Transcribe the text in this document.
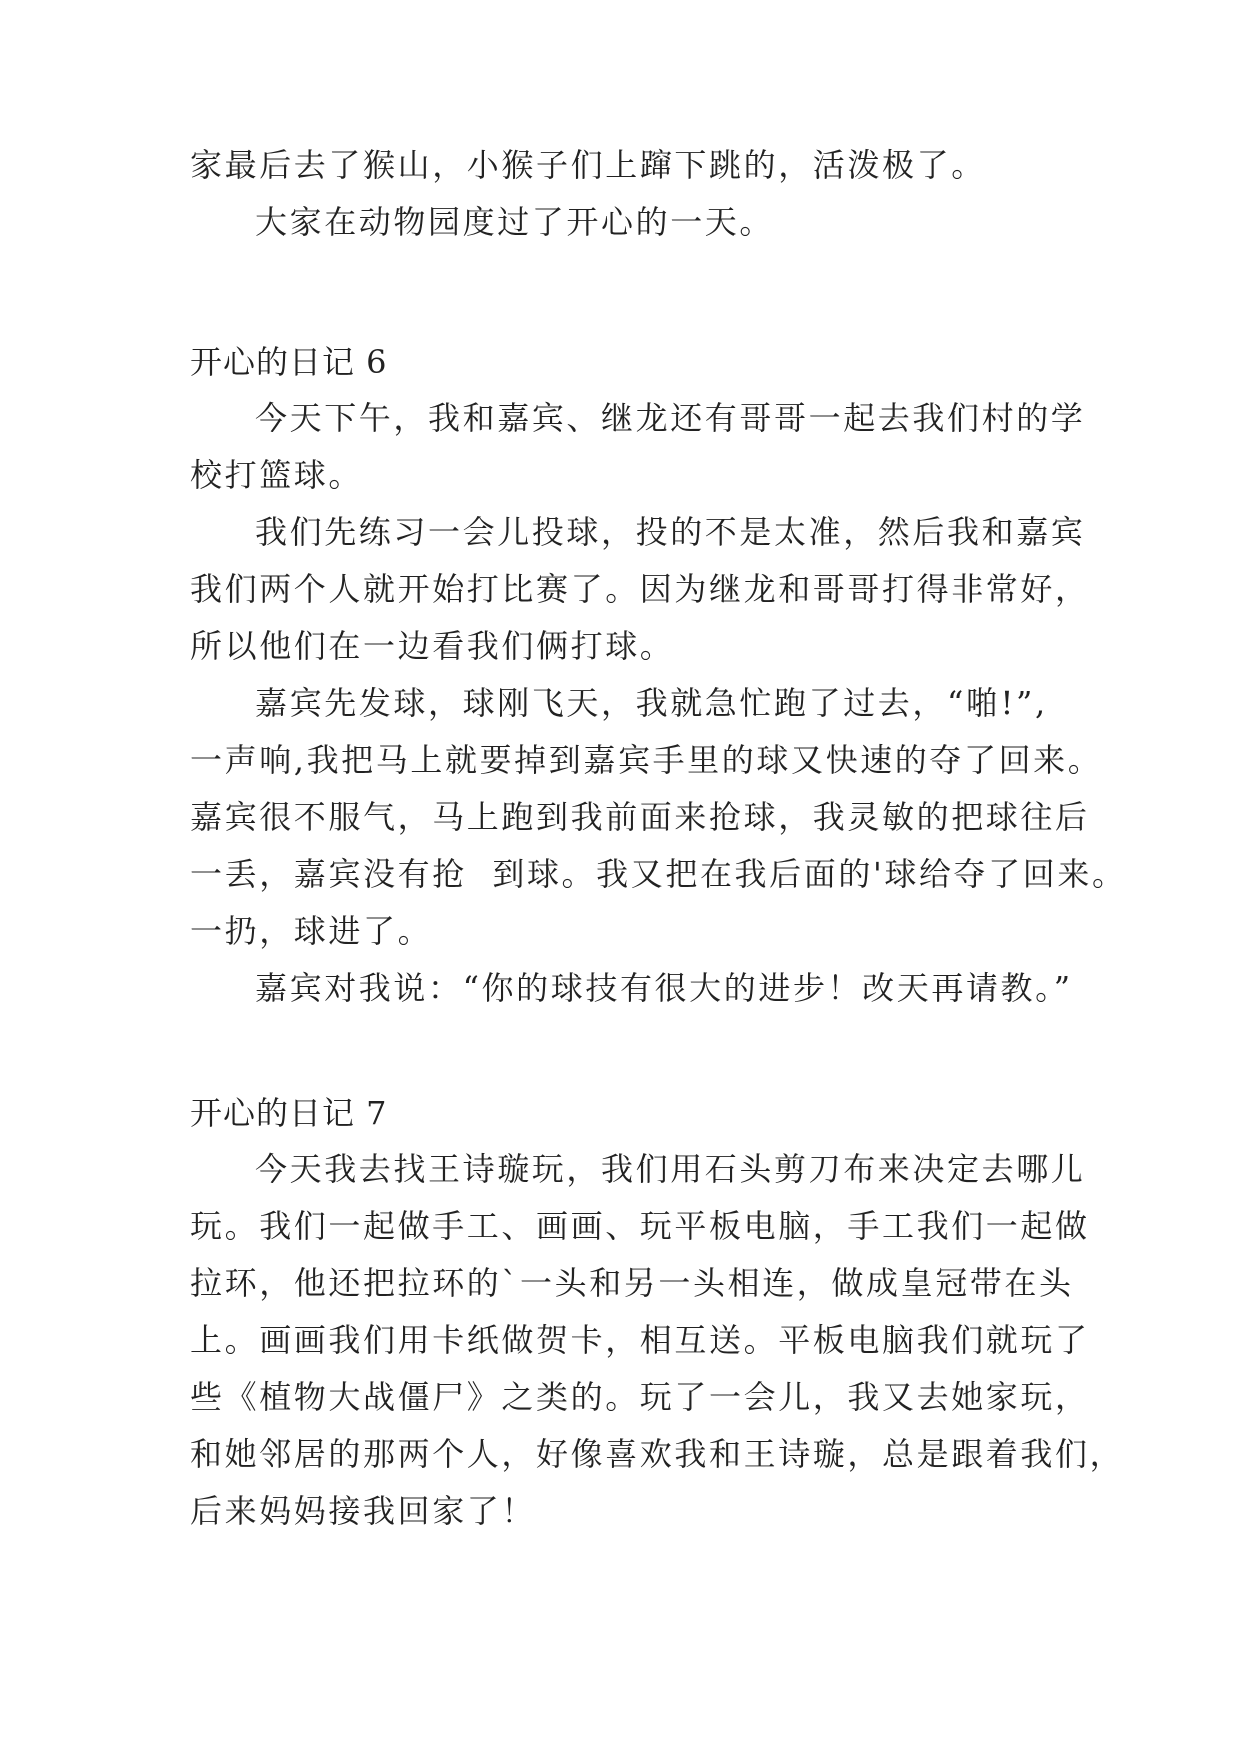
家最后去了猴山，小猴子们上蹿下跳的，活泼极了。
大家在动物园度过了开心的一天。
开心的日记 6
今天下午，我和嘉宾、继龙还有哥哥一起去我们村的学
校打篮球。
我们先练习一会儿投球，投的不是太准，然后我和嘉宾
我们两个人就开始打比赛了。因为继龙和哥哥打得非常好，
所以他们在一边看我们俩打球。
嘉宾先发球，球刚飞天，我就急忙跑了过去，“啪!”,
一声响,我把马上就要掉到嘉宾手里的球又快速的夺了回来。
嘉宾很不服气，马上跑到我前面来抢球，我灵敏的把球往后
一丢，嘉宾没有抢  到球。我又把在我后面的'球给夺了回来。
一扔，球进了。
嘉宾对我说：“你的球技有很大的进步！改天再请教。”
开心的日记 7
今天我去找王诗璇玩，我们用石头剪刀布来决定去哪儿
玩。我们一起做手工、画画、玩平板电脑，手工我们一起做
拉环，他还把拉环的`一头和另一头相连，做成皇冠带在头
上。画画我们用卡纸做贺卡，相互送。平板电脑我们就玩了
些《植物大战僵尸》之类的。玩了一会儿，我又去她家玩，
和她邻居的那两个人，好像喜欢我和王诗璇，总是跟着我们，
后来妈妈接我回家了！
